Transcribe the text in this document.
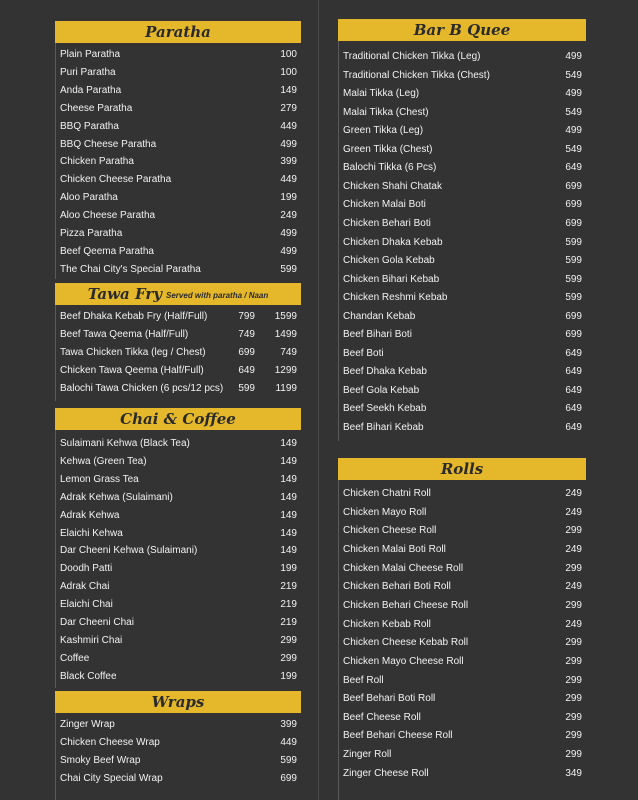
Paratha
Plain Paratha	100
Puri Paratha	100
Anda Paratha	149
Cheese Paratha	279
BBQ Paratha	449
BBQ Cheese Paratha	499
Chicken Paratha	399
Chicken Cheese Paratha	449
Aloo Paratha	199
Aloo Cheese Paratha	249
Pizza Paratha	499
Beef Qeema Paratha	499
The Chai City's Special Paratha	599
Tawa Fry Served with paratha / Naan
Beef Dhaka Kebab Fry (Half/Full)	799 1599
Beef Tawa Qeema (Half/Full)	749 1499
Tawa Chicken Tikka (leg / Chest)	699	749
Chicken Tawa Qeema (Half/Full)	649 1299
Balochi Tawa Chicken (6 pcs/12 pcs) 599 1199
Chai & Coffee
Sulaimani Kehwa (Black Tea)	149
Kehwa (Green Tea)	149
Lemon Grass Tea	149
Adrak Kehwa (Sulaimani)	149
Adrak Kehwa	149
Elaichi Kehwa	149
Dar Cheeni Kehwa (Sulaimani)	149
Doodh Patti	199
Adrak Chai	219
Elaichi Chai	219
Dar Cheeni Chai	219
Kashmiri Chai	299
Coffee	299
Black Coffee	199
Wraps
Zinger Wrap	399
Chicken Cheese Wrap	449
Smoky Beef Wrap	599
Chai City Special Wrap	699
Bar B Quee
Traditional Chicken Tikka (Leg)	499
Traditional Chicken Tikka (Chest)	549
Malai Tikka (Leg)	499
Malai Tikka (Chest)	549
Green Tikka (Leg)	499
Green Tikka (Chest)	549
Balochi Tikka (6 Pcs)	649
Chicken Shahi Chatak	699
Chicken Malai Boti	699
Chicken Behari Boti	699
Chicken Dhaka Kebab	599
Chicken Gola Kebab	599
Chicken Bihari Kebab	599
Chicken Reshmi Kebab	599
Chandan Kebab	699
Beef Bihari Boti	699
Beef Boti	649
Beef Dhaka Kebab	649
Beef Gola Kebab	649
Beef Seekh Kebab	649
Beef Bihari Kebab	649
Rolls
Chicken Chatni Roll	249
Chicken Mayo Roll	249
Chicken Cheese Roll	299
Chicken Malai Boti Roll	249
Chicken Malai Cheese Roll	299
Chicken Behari Boti Roll	249
Chicken Behari Cheese Roll	299
Chicken Kebab Roll	249
Chicken Cheese Kebab Roll	299
Chicken Mayo Cheese Roll	299
Beef Roll	299
Beef Behari Boti Roll	299
Beef Cheese Roll	299
Beef Behari Cheese Roll	299
Zinger Roll	299
Zinger Cheese Roll	349
